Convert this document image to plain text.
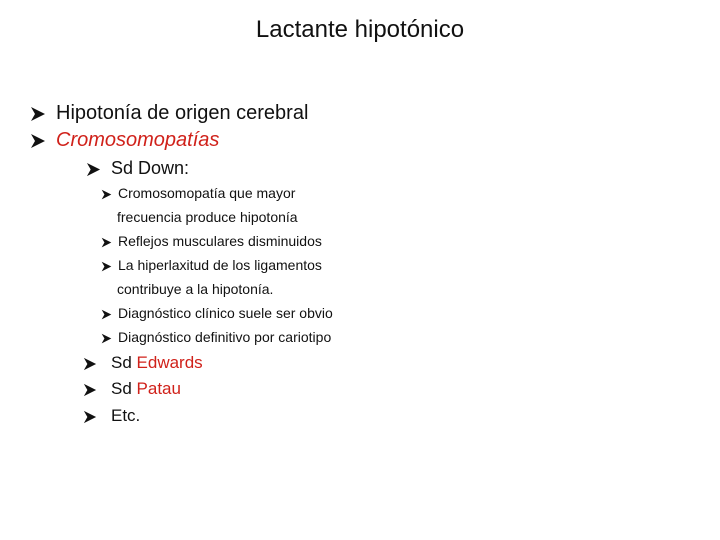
Lactante hipotónico
Hipotonía de origen cerebral
Cromosomopatías
Sd Down:
Cromosomopatía que mayor
frecuencia produce hipotonía
Reflejos musculares disminuidos
La hiperlaxitud de los ligamentos
contribuye a la hipotonía.
Diagnóstico clínico suele ser obvio
Diagnóstico definitivo por cariotipo
Sd Edwards
Sd Patau
Etc.
